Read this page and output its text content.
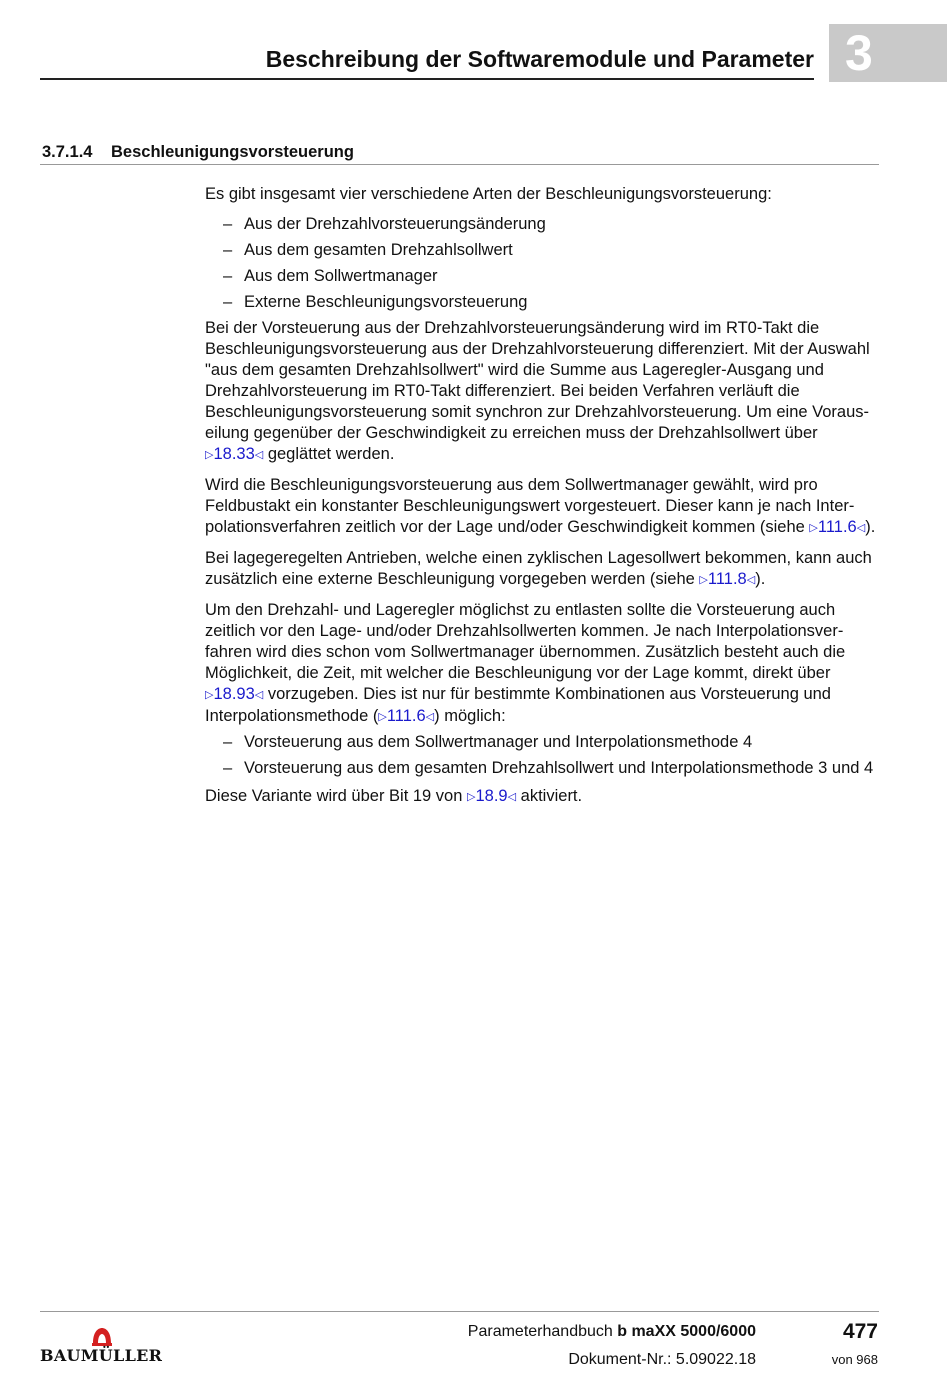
Beschreibung der Softwaremodule und Parameter 3
3.7.1.4 Beschleunigungsvorsteuerung

Es gibt insgesamt vier verschiedene Arten der Beschleunigungsvorsteuerung:

– Aus der Drehzahlvorsteuerungsänderung
– Aus dem gesamten Drehzahlsollwert
– Aus dem Sollwertmanager
– Externe Beschleunigungsvorsteuerung

Bei der Vorsteuerung aus der Drehzahlvorsteuerungsänderung wird im RT0-Takt die Beschleunigungsvorsteuerung aus der Drehzahlvorsteuerung differenziert. Mit der Auswahl "aus dem gesamten Drehzahlsollwert" wird die Summe aus Lageregler-Ausgang und Drehzahlvorsteuerung im RT0-Takt differenziert. Bei beiden Verfahren verläuft die Beschleunigungsvorsteuerung somit synchron zur Drehzahlvorsteuerung. Um eine Vorauseilung gegenüber der Geschwindigkeit zu erreichen muss der Drehzahlsollwert über ▷18.33◁ geglättet werden.

Wird die Beschleunigungsvorsteuerung aus dem Sollwertmanager gewählt, wird pro Feldbustakt ein konstanter Beschleunigungswert vorgesteuert. Dieser kann je nach Interpolationsverfahren zeitlich vor der Lage und/oder Geschwindigkeit kommen (siehe ▷111.6◁).

Bei lagegeregelten Antrieben, welche einen zyklischen Lagesollwert bekommen, kann auch zusätzlich eine externe Beschleunigung vorgegeben werden (siehe ▷111.8◁).

Um den Drehzahl- und Lageregler möglichst zu entlasten sollte die Vorsteuerung auch zeitlich vor den Lage- und/oder Drehzahlsollwerten kommen. Je nach Interpolationsverfahren wird dies schon vom Sollwertmanager übernommen. Zusätzlich besteht auch die Möglichkeit, die Zeit, mit welcher die Beschleunigung vor der Lage kommt, direkt über ▷18.93◁ vorzugeben. Dies ist nur für bestimmte Kombinationen aus Vorsteuerung und Interpolationsmethode (▷111.6◁) möglich:

– Vorsteuerung aus dem Sollwertmanager und Interpolationsmethode 4
– Vorsteuerung aus dem gesamten Drehzahlsollwert und Interpolationsmethode 3 und 4

Diese Variante wird über Bit 19 von ▷18.9◁ aktiviert.

BAUMÜLLER
Parameterhandbuch b maXX 5000/6000
Dokument-Nr.: 5.09022.18
477
von 968
